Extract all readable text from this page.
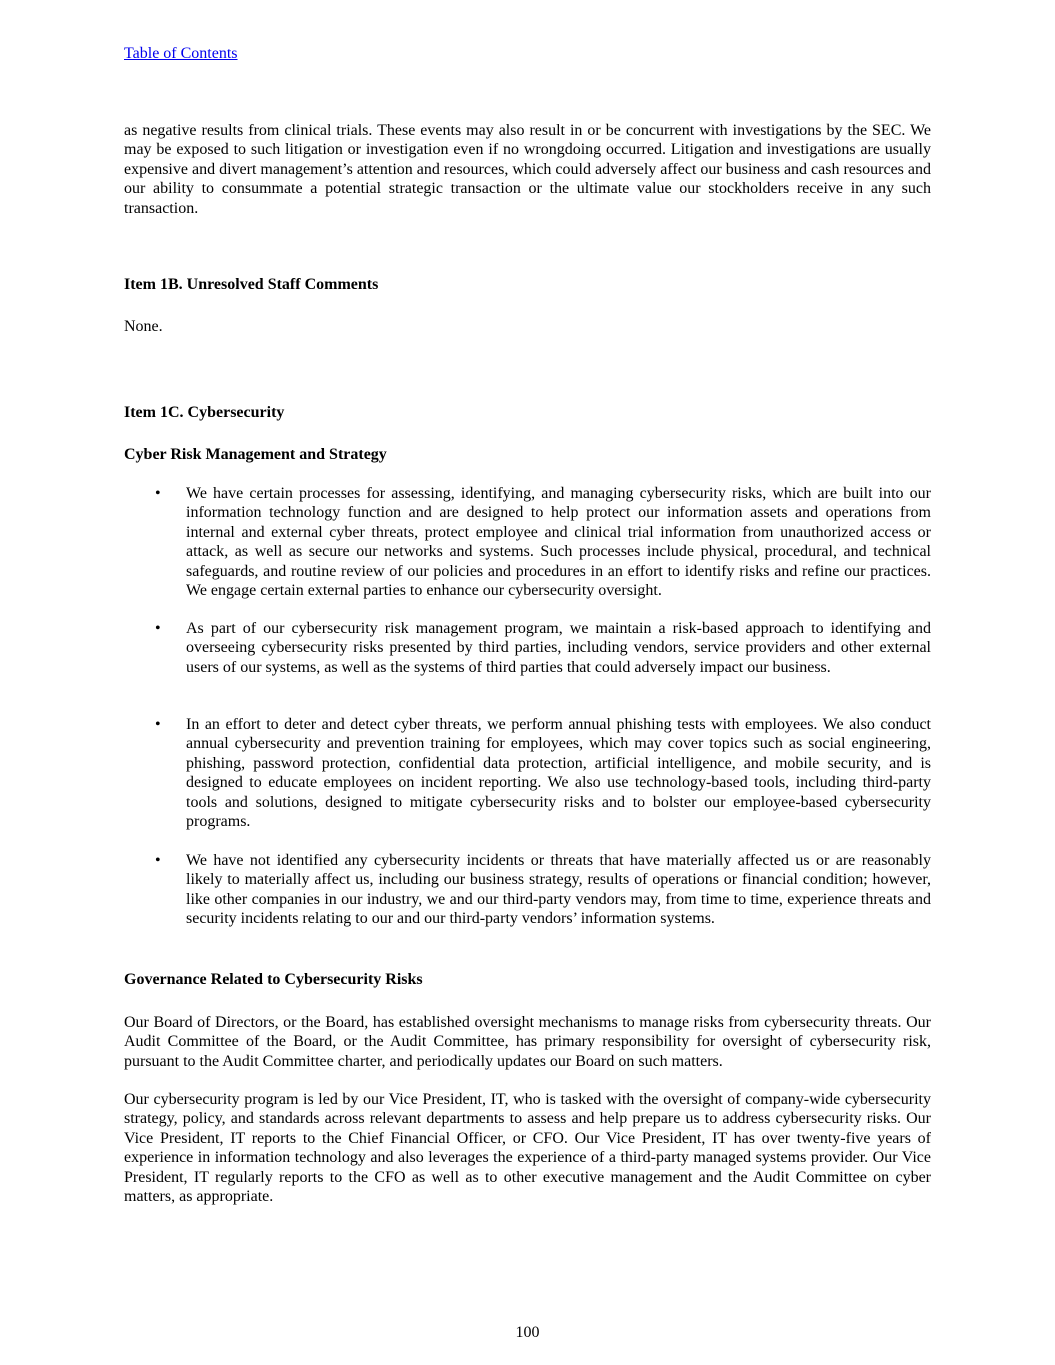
Table of Contents

as negative results from clinical trials. These events may also result in or be concurrent with investigations by the SEC. We may be exposed to such litigation or investigation even if no wrongdoing occurred. Litigation and investigations are usually expensive and divert management’s attention and resources, which could adversely affect our business and cash resources and our ability to consummate a potential strategic transaction or the ultimate value our stockholders receive in any such transaction.

Item 1B. Unresolved Staff Comments

None.

Item 1C. Cybersecurity
Cyber Risk Management and Strategy
• We have certain processes for assessing, identifying, and managing cybersecurity risks, which are built into our information technology function and are designed to help protect our information assets and operations from internal and external cyber threats, protect employee and clinical trial information from unauthorized access or attack, as well as secure our networks and systems. Such processes include physical, procedural, and technical safeguards, and routine review of our policies and procedures in an effort to identify risks and refine our practices. We engage certain external parties to enhance our cybersecurity oversight.

• As part of our cybersecurity risk management program, we maintain a risk-based approach to identifying and overseeing cybersecurity risks presented by third parties, including vendors, service providers and other external users of our systems, as well as the systems of third parties that could adversely impact our business.

• In an effort to deter and detect cyber threats, we perform annual phishing tests with employees. We also conduct annual cybersecurity and prevention training for employees, which may cover topics such as social engineering, phishing, password protection, confidential data protection, artificial intelligence, and mobile security, and is designed to educate employees on incident reporting. We also use technology-based tools, including third-party tools and solutions, designed to mitigate cybersecurity risks and to bolster our employee-based cybersecurity programs.

• We have not identified any cybersecurity incidents or threats that have materially affected us or are reasonably likely to materially affect us, including our business strategy, results of operations or financial condition; however, like other companies in our industry, we and our third-party vendors may, from time to time, experience threats and security incidents relating to our and our third-party vendors’ information systems.

Governance Related to Cybersecurity Risks

Our Board of Directors, or the Board, has established oversight mechanisms to manage risks from cybersecurity threats. Our Audit Committee of the Board, or the Audit Committee, has primary responsibility for oversight of cybersecurity risk, pursuant to the Audit Committee charter, and periodically updates our Board on such matters.

Our cybersecurity program is led by our Vice President, IT, who is tasked with the oversight of company-wide cybersecurity strategy, policy, and standards across relevant departments to assess and help prepare us to address cybersecurity risks. Our Vice President, IT reports to the Chief Financial Officer, or CFO. Our Vice President, IT has over twenty-five years of experience in information technology and also leverages the experience of a third-party managed systems provider. Our Vice President, IT regularly reports to the CFO as well as to other executive management and the Audit Committee on cyber matters, as appropriate.

100
